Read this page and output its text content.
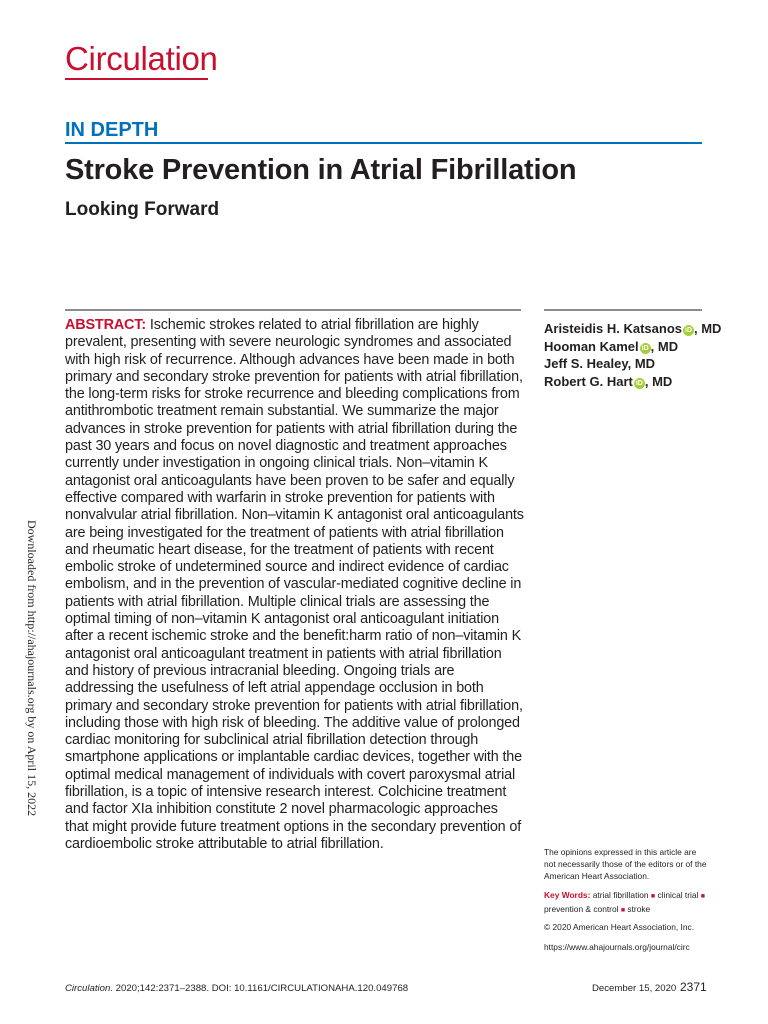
Circulation
IN DEPTH
Stroke Prevention in Atrial Fibrillation
Looking Forward

ABSTRACT: Ischemic strokes related to atrial fibrillation are highly prevalent, presenting with severe neurologic syndromes and associated with high risk of recurrence. Although advances have been made in both primary and secondary stroke prevention for patients with atrial fibrillation, the long-term risks for stroke recurrence and bleeding complications from antithrombotic treatment remain substantial. We summarize the major advances in stroke prevention for patients with atrial fibrillation during the past 30 years and focus on novel diagnostic and treatment approaches currently under investigation in ongoing clinical trials. Non–vitamin K antagonist oral anticoagulants have been proven to be safer and equally effective compared with warfarin in stroke prevention for patients with nonvalvular atrial fibrillation. Non–vitamin K antagonist oral anticoagulants are being investigated for the treatment of patients with atrial fibrillation and rheumatic heart disease, for the treatment of patients with recent embolic stroke of undetermined source and indirect evidence of cardiac embolism, and in the prevention of vascular-mediated cognitive decline in patients with atrial fibrillation. Multiple clinical trials are assessing the optimal timing of non–vitamin K antagonist oral anticoagulant initiation after a recent ischemic stroke and the benefit:harm ratio of non–vitamin K antagonist oral anticoagulant treatment in patients with atrial fibrillation and history of previous intracranial bleeding. Ongoing trials are addressing the usefulness of left atrial appendage occlusion in both primary and secondary stroke prevention for patients with atrial fibrillation, including those with high risk of bleeding. The additive value of prolonged cardiac monitoring for subclinical atrial fibrillation detection through smartphone applications or implantable cardiac devices, together with the optimal medical management of individuals with covert paroxysmal atrial fibrillation, is a topic of intensive research interest. Colchicine treatment and factor XIa inhibition constitute 2 novel pharmacologic approaches that might provide future treatment options in the secondary prevention of cardioembolic stroke attributable to atrial fibrillation.

Downloaded from http://ahajournals.org by on April 15, 2022
Aristeidis H. Katsanos iD , MD
Hooman Kamel iD , MD
Jeff S. Healey, MD
Robert G. Hart iD , MD

The opinions expressed in this article are not necessarily those of the editors or of the American Heart Association.

Key Words: atrial fibrillation ■ clinical trial ■ prevention & control ■ stroke

© 2020 American Heart Association, Inc.
https://www.ahajournals.org/journal/circ
Circulation. 2020;142:2371–2388. DOI: 10.1161/CIRCULATIONAHA.120.049768	December 15, 2020 2371
